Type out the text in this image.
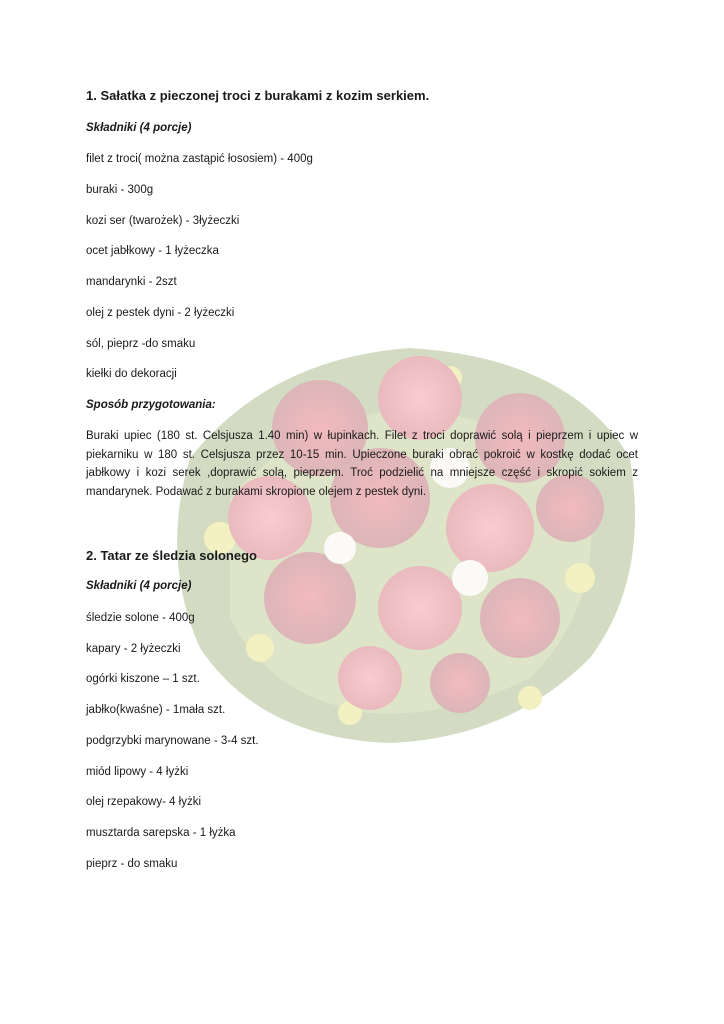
1. Sałatka z pieczonej troci z burakami z kozim serkiem.
Składniki (4 porcje)
filet z troci( można zastąpić łososiem) - 400g
buraki - 300g
kozi ser (twarożek) - 3łyżeczki
ocet jabłkowy - 1 łyżeczka
mandarynki - 2szt
olej z pestek dyni - 2 łyżeczki
sól, pieprz -do smaku
kiełki do dekoracji
Sposób przygotowania:
Buraki upiec (180 st. Celsjusza 1.40 min) w łupinkach. Filet z troci doprawić solą i pieprzem i upiec w piekarniku w 180 st. Celsjusza przez 10-15 min. Upieczone buraki obrać pokroić w kostkę dodać ocet jabłkowy i kozi serek ,doprawić solą, pieprzem. Troć podzielić na mniejsze część i skropić sokiem z mandarynek. Podawać z burakami skropione olejem z pestek dyni.
2. Tatar ze śledzia solonego
Składniki (4 porcje)
śledzie solone - 400g
kapary - 2 łyżeczki
ogórki kiszone – 1 szt.
jabłko(kwaśne) - 1mała szt.
podgrzybki marynowane - 3-4 szt.
miód lipowy - 4 łyżki
olej rzepakowy- 4 łyżki
musztarda sarepska - 1 łyżka
pieprz - do smaku
